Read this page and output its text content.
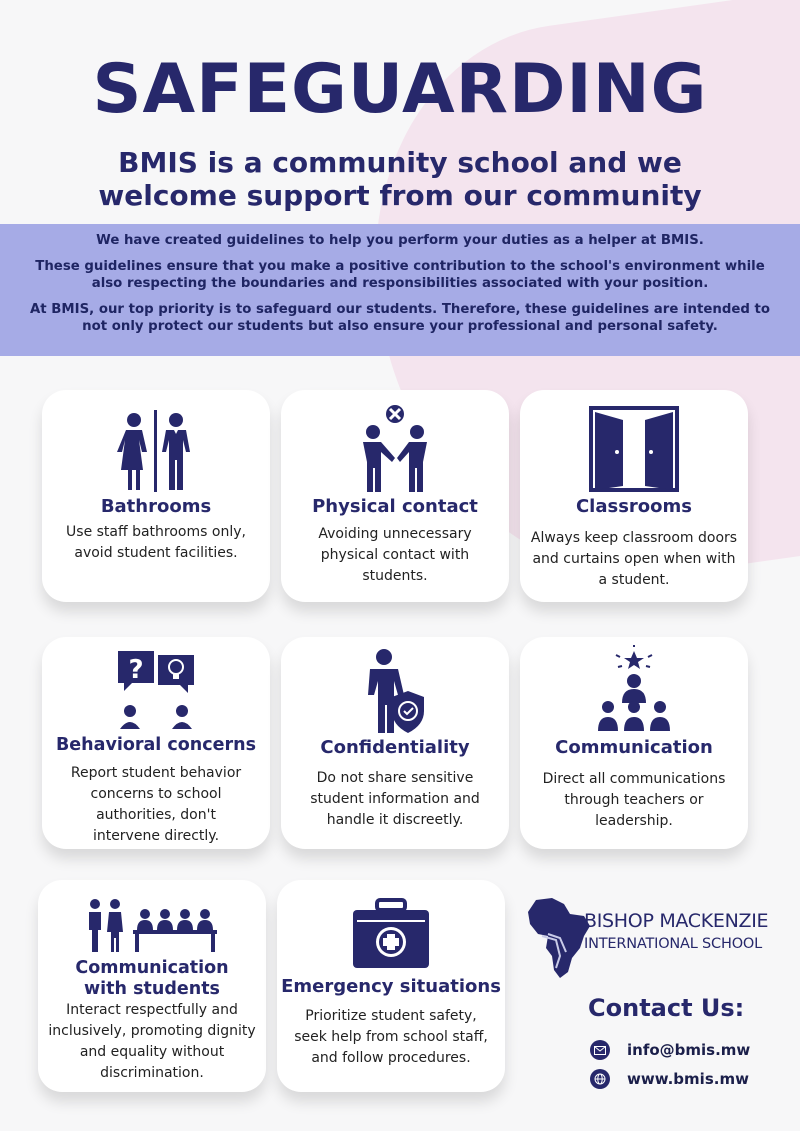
SAFEGUARDING
BMIS is a community school and we welcome support from our community

We have created guidelines to help you perform your duties as a helper at BMIS.

These guidelines ensure that you make a positive contribution to the school's environment while also respecting the boundaries and responsibilities associated with your position.

At BMIS, our top priority is to safeguard our students. Therefore, these guidelines are intended to not only protect our students but also ensure your professional and personal safety.

Bathrooms
Use staff bathrooms only, avoid student facilities.
Physical contact
Avoiding unnecessary physical contact with students.
Classrooms
Always keep classroom doors and curtains open when with a student.
?
Behavioral concerns
Report student behavior concerns to school authorities, don't intervene directly.
Confidentiality
Do not share sensitive student information and handle it discreetly.
Communication
Direct all communications through teachers or leadership.
Communication with students
Interact respectfully and inclusively, promoting dignity and equality without discrimination.
Emergency situations
Prioritize student safety, seek help from school staff, and follow procedures.
BISHOP MACKENZIE
INTERNATIONAL SCHOOL
Contact Us:
info@bmis.mw
www.bmis.mw
